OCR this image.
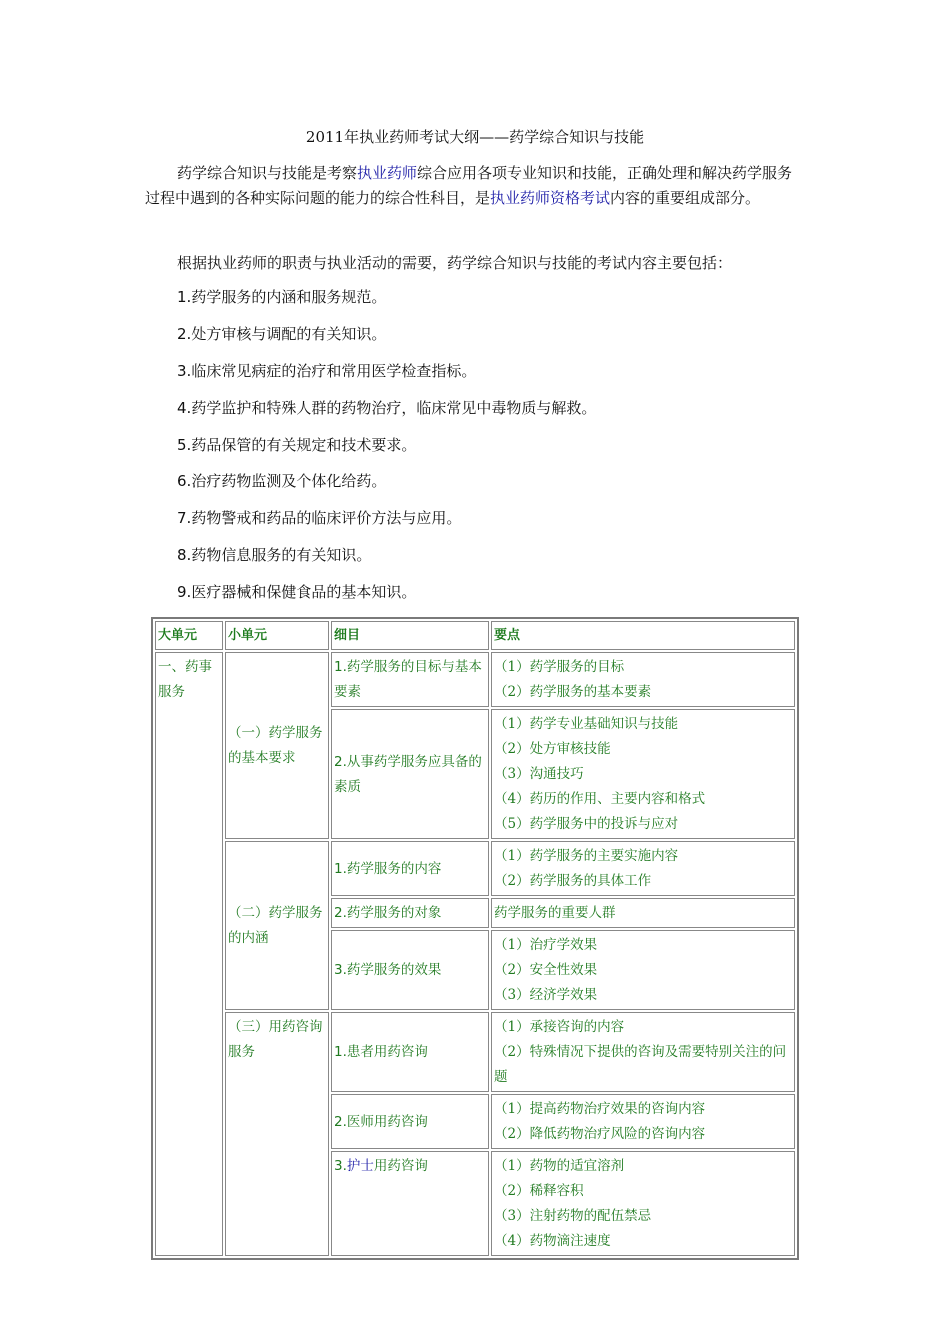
2011年执业药师考试大纲——药学综合知识与技能
药学综合知识与技能是考察执业药师综合应用各项专业知识和技能，正确处理和解决药学服务过程中遇到的各种实际问题的能力的综合性科目，是执业药师资格考试内容的重要组成部分。
根据执业药师的职责与执业活动的需要，药学综合知识与技能的考试内容主要包括：
1.药学服务的内涵和服务规范。
2.处方审核与调配的有关知识。
3.临床常见病症的治疗和常用医学检查指标。
4.药学监护和特殊人群的药物治疗，临床常见中毒物质与解救。
5.药品保管的有关规定和技术要求。
6.治疗药物监测及个体化给药。
7.药物警戒和药品的临床评价方法与应用。
8.药物信息服务的有关知识。
9.医疗器械和保健食品的基本知识。
大单元	小单元	细目	要点
一、药事服务	（一）药学服务的基本要求	1.药学服务的目标与基本要素	（1）药学服务的目标
（2）药学服务的基本要素

		2.从事药学服务应具备的素质	（1）药学专业基础知识与技能
（2）处方审核技能
（3）沟通技巧
（4）药历的作用、主要内容和格式
（5）药学服务中的投诉与应对

	（二）药学服务的内涵	1.药学服务的内容	（1）药学服务的主要实施内容
（2）药学服务的具体工作

		2.药学服务的对象	药学服务的重要人群

		3.药学服务的效果	（1）治疗学效果
（2）安全性效果
（3）经济学效果

	（三）用药咨询服务	1.患者用药咨询	（1）承接咨询的内容
（2）特殊情况下提供的咨询及需要特别关注的问题

		2.医师用药咨询	（1）提高药物治疗效果的咨询内容
（2）降低药物治疗风险的咨询内容

		3.护士用药咨询	（1）药物的适宜溶剂
（2）稀释容积
（3）注射药物的配伍禁忌
（4）药物滴注速度
